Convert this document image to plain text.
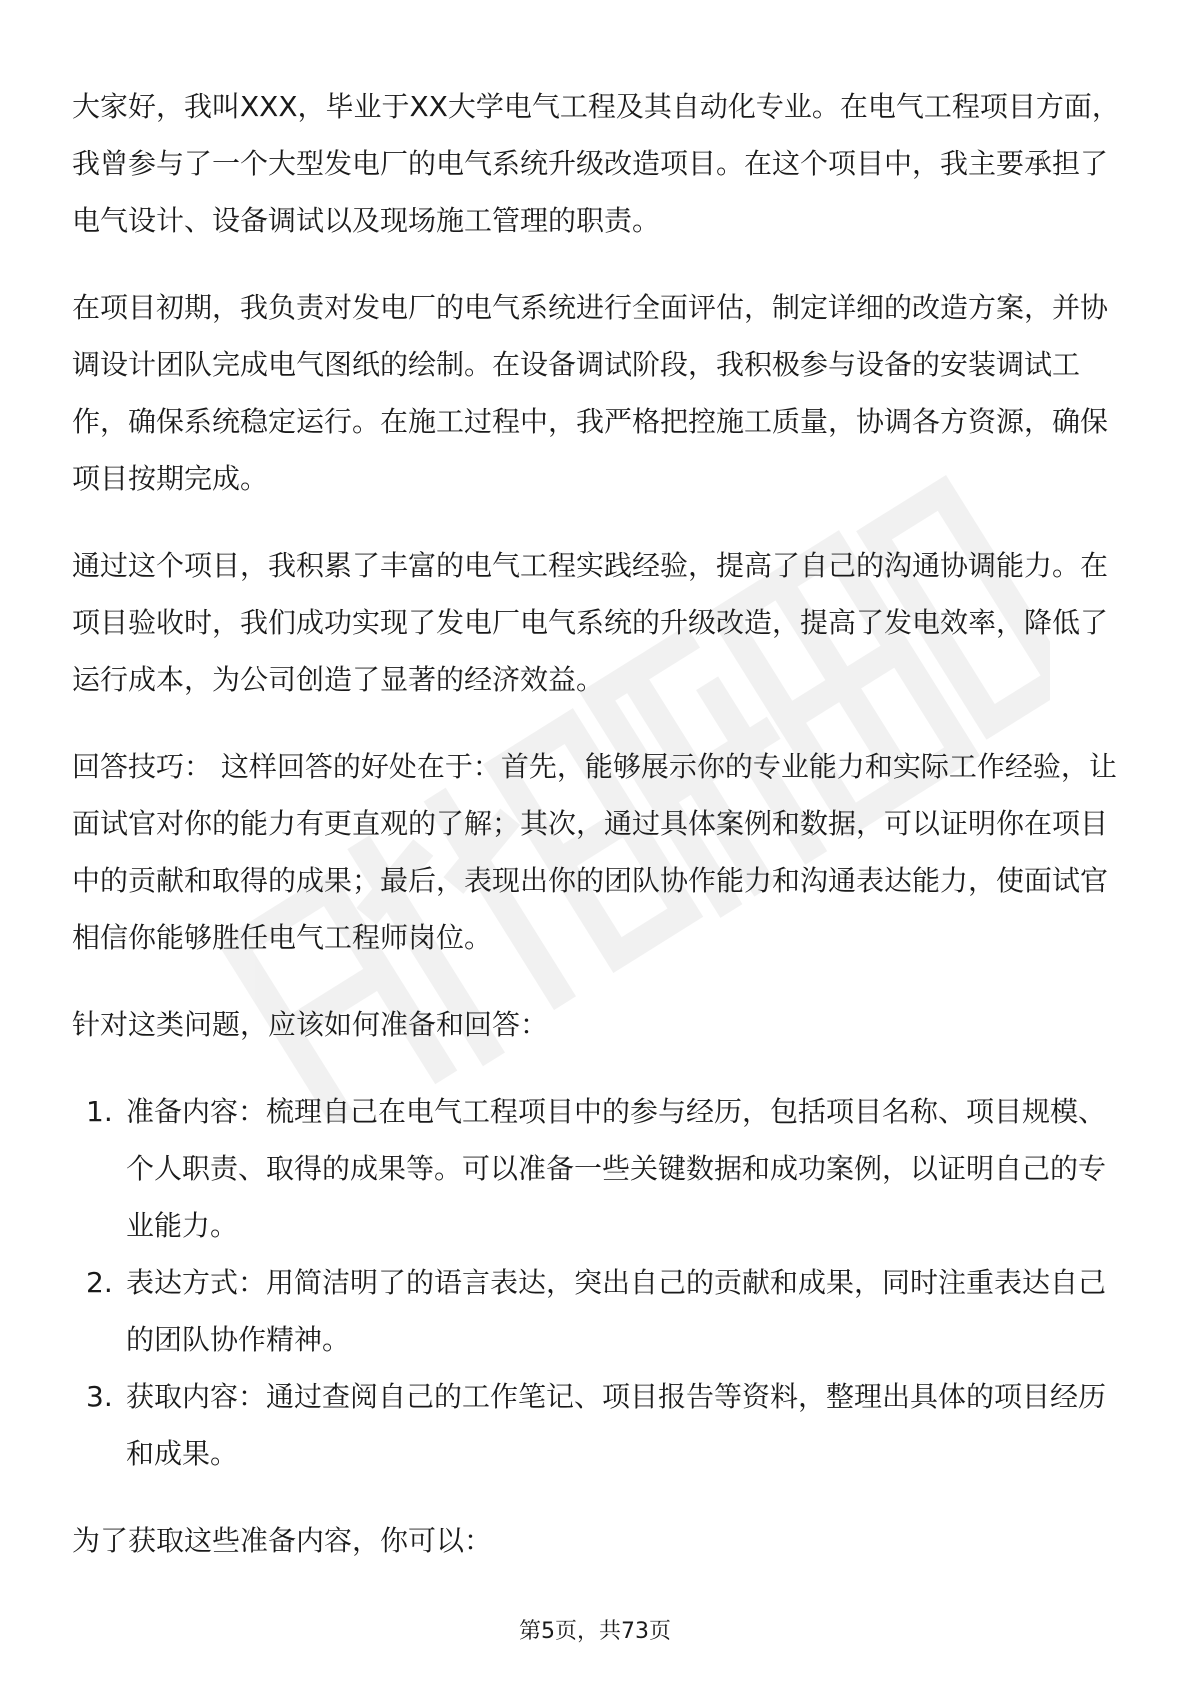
大家好，我叫XXX，毕业于XX大学电气工程及其自动化专业。在电气工程项目方面，我曾参与了一个大型发电厂的电气系统升级改造项目。在这个项目中，我主要承担了电气设计、设备调试以及现场施工管理的职责。

在项目初期，我负责对发电厂的电气系统进行全面评估，制定详细的改造方案，并协调设计团队完成电气图纸的绘制。在设备调试阶段，我积极参与设备的安装调试工作，确保系统稳定运行。在施工过程中，我严格把控施工质量，协调各方资源，确保项目按期完成。

通过这个项目，我积累了丰富的电气工程实践经验，提高了自己的沟通协调能力。在项目验收时，我们成功实现了发电厂电气系统的升级改造，提高了发电效率，降低了运行成本，为公司创造了显著的经济效益。

回答技巧： 这样回答的好处在于：首先，能够展示你的专业能力和实际工作经验，让面试官对你的能力有更直观的了解；其次，通过具体案例和数据，可以证明你在项目中的贡献和取得的成果；最后，表现出你的团队协作能力和沟通表达能力，使面试官相信你能够胜任电气工程师岗位。

针对这类问题，应该如何准备和回答：

1. 准备内容：梳理自己在电气工程项目中的参与经历，包括项目名称、项目规模、个人职责、取得的成果等。可以准备一些关键数据和成功案例，以证明自己的专业能力。
2. 表达方式：用简洁明了的语言表达，突出自己的贡献和成果，同时注重表达自己的团队协作精神。
3. 获取内容：通过查阅自己的工作笔记、项目报告等资料，整理出具体的项目经历和成果。

为了获取这些准备内容，你可以：

第5页，共73页
